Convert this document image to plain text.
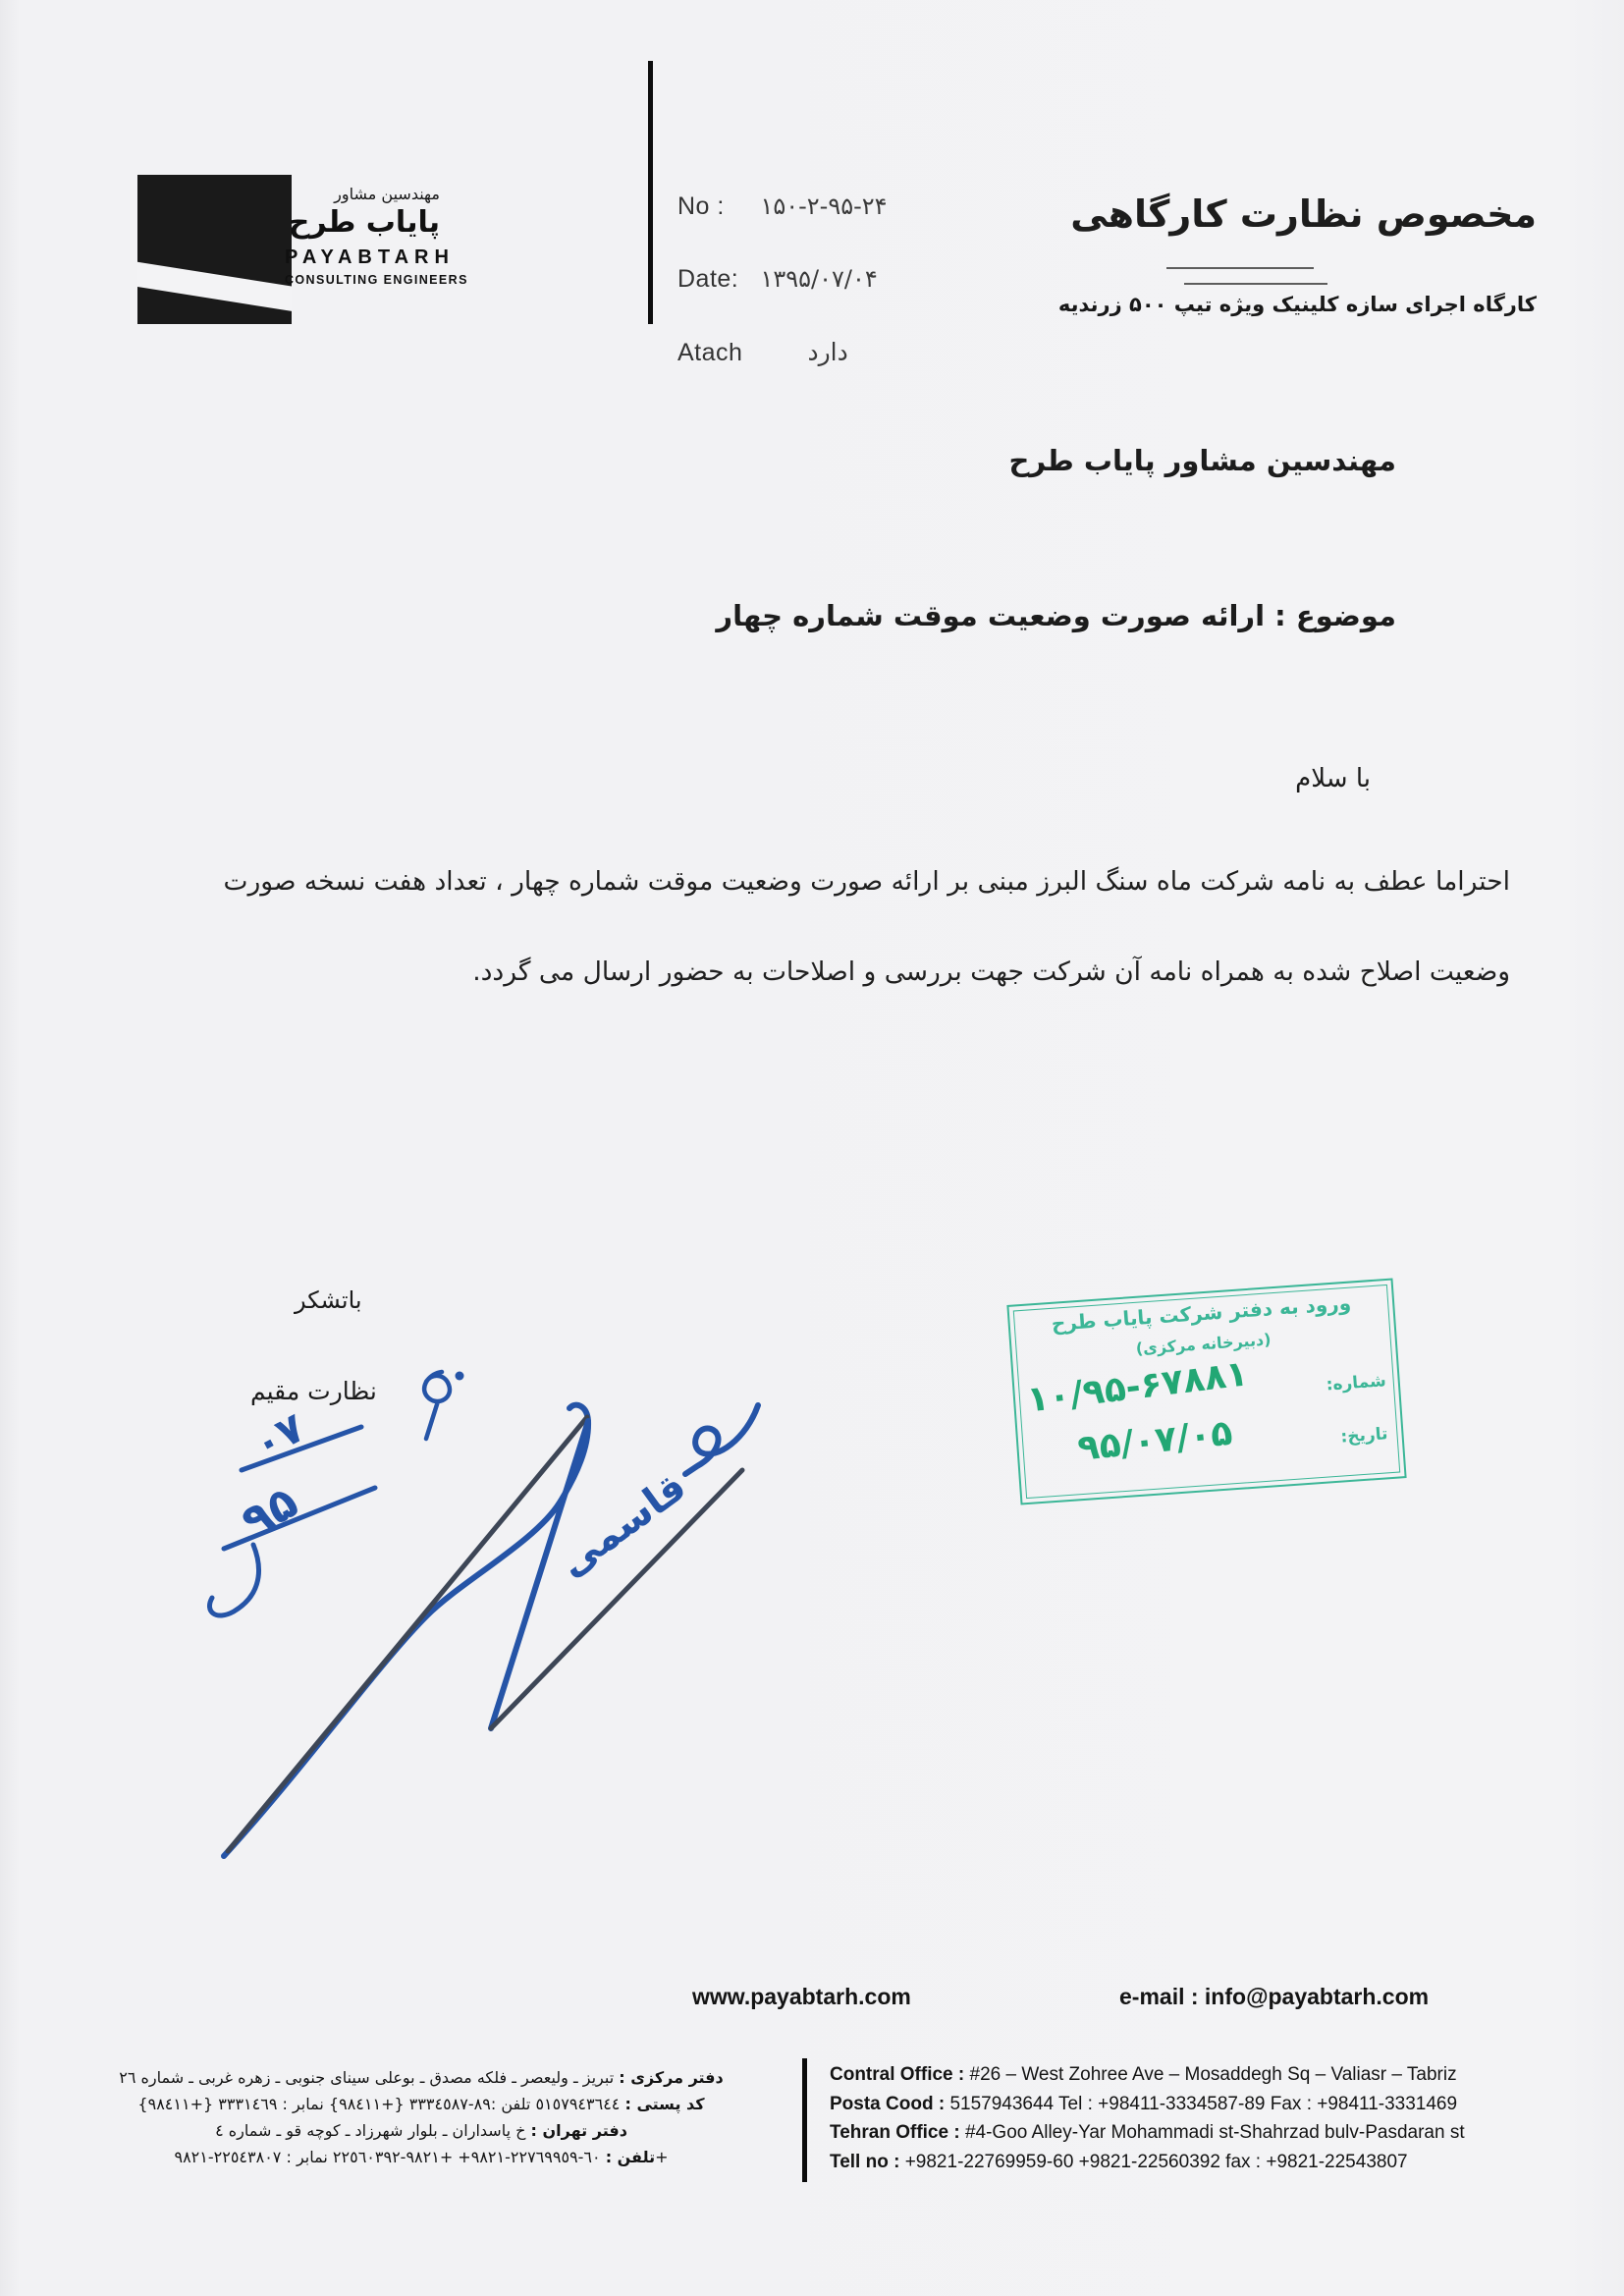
مهندسین مشاور
پایاب طرح
PAYABTARH
CONSULTING ENGINEERS
No : ۱۵۰-۲-۹۵-۲۴
Date: ۱۳۹۵/۰۷/۰۴
Atach	دارد
مخصوص نظارت کارگاهی
کارگاه اجرای سازه کلینیک ویژه تیپ ۵۰۰ زرندیه
مهندسین مشاور پایاب طرح
موضوع : ارائه صورت وضعیت موقت شماره چهار
با سلام
احتراما عطف به نامه شرکت ماه سنگ البرز مبنی بر ارائه صورت وضعیت موقت شماره چهار ، تعداد هفت نسخه صورت
وضعیت اصلاح شده به همراه نامه آن شرکت جهت بررسی و اصلاحات به حضور ارسال می گردد.
باتشکر
نظارت مقیم
۰۷
۹۵	قاسمی
ورود به دفتر شرکت پایاب طرح
(دبیرخانه مرکزی)
شماره:
۱۰/۹۵-۶۷۸۸۱
تاریخ:
۹۵/۰۷/۰۵
www.payabtarh.com	e-mail : info@payabtarh.com
دفتر مرکزی : تبریز ـ ولیعصر ـ فلکه مصدق ـ بوعلی سینای جنوبی ـ زهره غربی ـ شماره ٢٦
کد پستی : ٥١٥٧٩٤٣٦٤٤ تلفن :٨٩-٣٣٣٤٥٨٧ {+٩٨٤١١} نمابر : ٣٣٣١٤٦٩ {+٩٨٤١١}
دفتر تهران : خ پاسداران ـ بلوار شهرزاد ـ کوچه قو ـ شماره ٤
تلفن : ٦٠-٢٢٧٦٩٩٥٩-٩٨٢١+ +٩٨٢١-٢٢٥٦٠٣٩٢ نمابر : ٢٢٥٤٣٨٠٧-٩٨٢١+
Contral Office : #26 – West Zohree Ave – Mosaddegh Sq – Valiasr – Tabriz
Posta Cood : 5157943644 Tel : +98411-3334587-89 Fax : +98411-3331469
Tehran Office : #4-Goo Alley-Yar Mohammadi st-Shahrzad bulv-Pasdaran st
Tell no : +9821-22769959-60 +9821-22560392 fax : +9821-22543807
